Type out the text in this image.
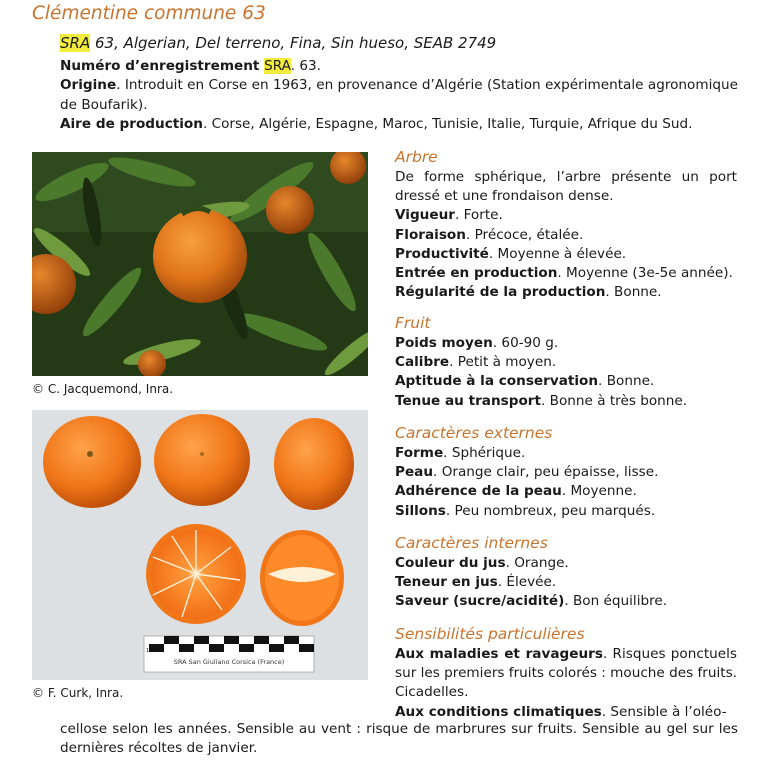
Clémentine commune 63
SRA 63, Algerian, Del terreno, Fina, Sin hueso, SEAB 2749

Numéro d’enregistrement SRA. 63.

Origine. Introduit en Corse en 1963, en provenance d’Algérie (Station expérimentale agronomique de Boufarik).

Aire de production. Corse, Algérie, Espagne, Maroc, Tunisie, Italie, Turquie, Afrique du Sud.

© C. Jacquemond, Inra.
1 cm
SRA San Giuliano Corsica (France)
© F. Curk, Inra.
Arbre

De forme sphérique, l’arbre présente un port dressé et une frondaison dense.

Vigueur. Forte.

Floraison. Précoce, étalée.

Productivité. Moyenne à élevée.

Entrée en production. Moyenne (3e-5e année).

Régularité de la production. Bonne.

Fruit

Poids moyen. 60-90 g.

Calibre. Petit à moyen.

Aptitude à la conservation. Bonne.

Tenue au transport. Bonne à très bonne.

Caractères externes

Forme. Sphérique.

Peau. Orange clair, peu épaisse, lisse.

Adhérence de la peau. Moyenne.

Sillons. Peu nombreux, peu marqués.

Caractères internes

Couleur du jus. Orange.

Teneur en jus. Élevée.

Saveur (sucre/acidité). Bon équilibre.

Sensibilités particulières

Aux maladies et ravageurs. Risques ponctuels sur les premiers fruits colorés : mouche des fruits. Cicadelles.

Aux conditions climatiques. Sensible à l’oléo-

cellose selon les années. Sensible au vent : risque de marbrures sur fruits. Sensible au gel sur les dernières récoltes de janvier.
